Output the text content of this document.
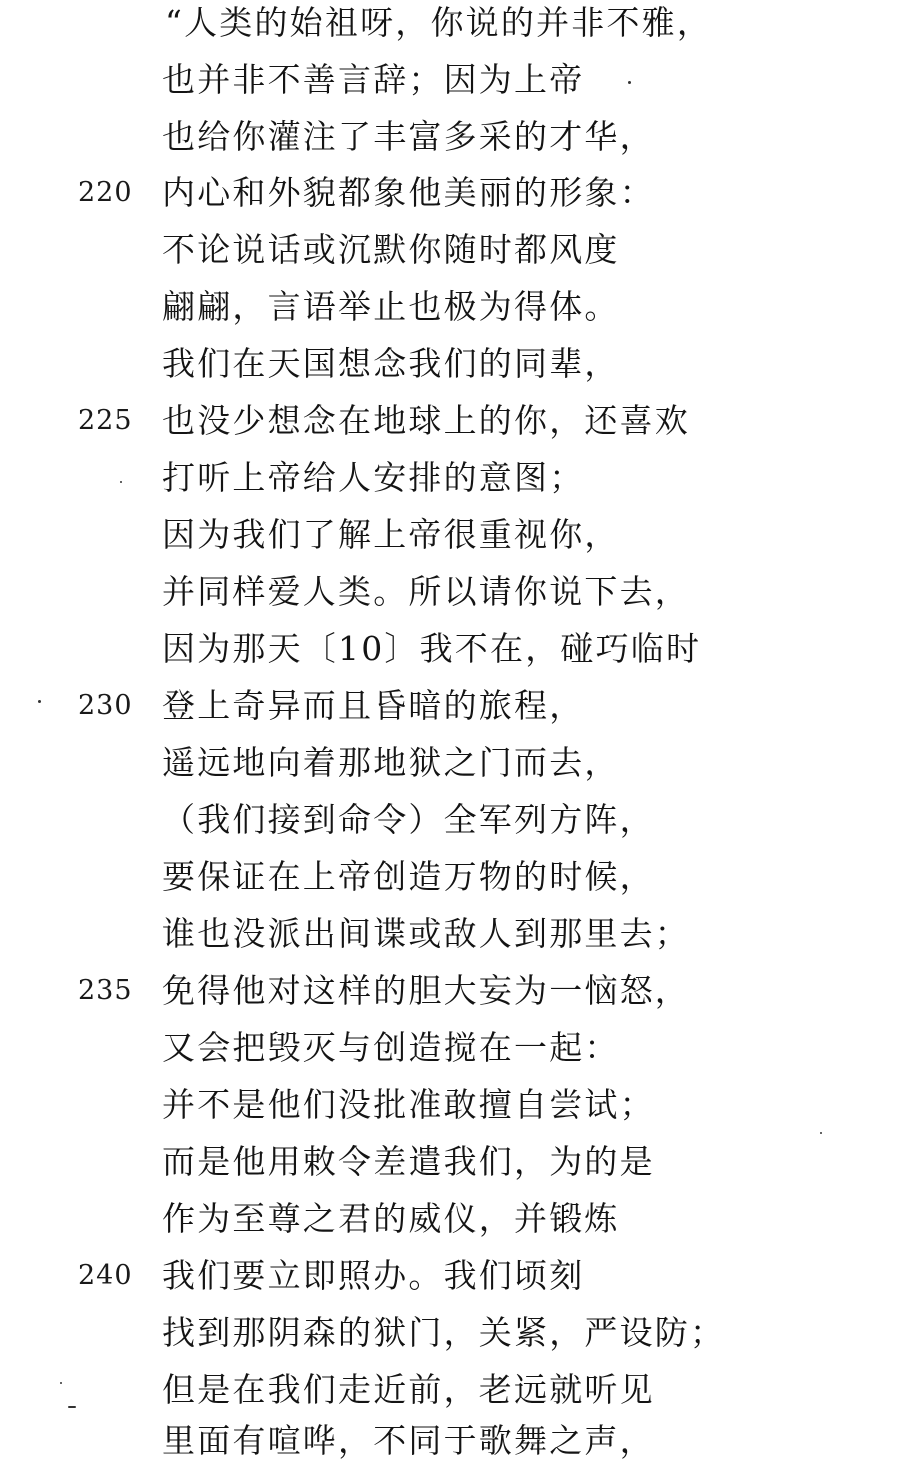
“人类的始祖呀，你说的并非不雅，
也并非不善言辞；因为上帝
也给你灌注了丰富多采的才华，
220 内心和外貌都象他美丽的形象：
不论说话或沉默你随时都风度
翩翩，言语举止也极为得体。
我们在天国想念我们的同辈，
225 也没少想念在地球上的你，还喜欢
打听上帝给人安排的意图；
因为我们了解上帝很重视你，
并同样爱人类。所以请你说下去，
因为那天〔10〕我不在，碰巧临时
230 登上奇异而且昏暗的旅程，
遥远地向着那地狱之门而去，
（我们接到命令）全军列方阵，
要保证在上帝创造万物的时候，
谁也没派出间谍或敌人到那里去；
235 免得他对这样的胆大妄为一恼怒，
又会把毁灭与创造搅在一起：
并不是他们没批准敢擅自尝试；
而是他用敕令差遣我们，为的是
作为至尊之君的威仪，并锻炼
240 我们要立即照办。我们顷刻
找到那阴森的狱门，关紧，严设防；
但是在我们走近前，老远就听见
里面有喧哗，不同于歌舞之声，
